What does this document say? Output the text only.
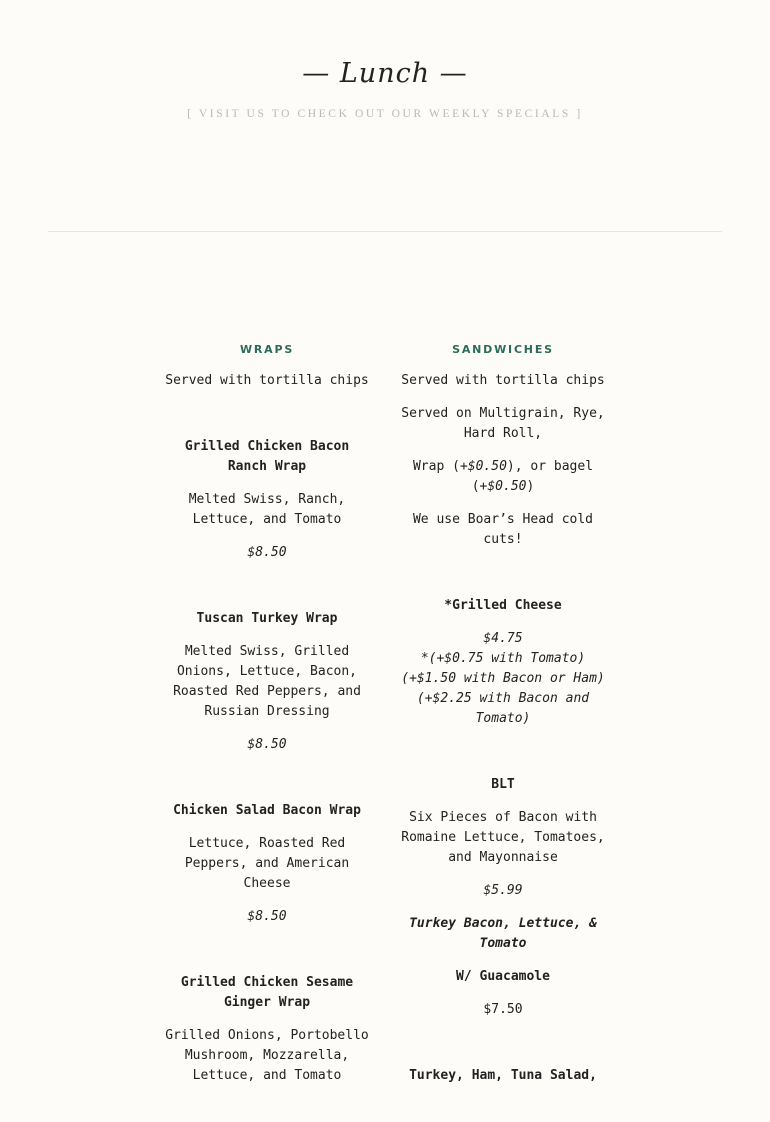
— Lunch —
[ VISIT US TO CHECK OUT OUR WEEKLY SPECIALS ]
WRAPS
Served with tortilla chips
Grilled Chicken Bacon Ranch Wrap
Melted Swiss, Ranch, Lettuce, and Tomato
$8.50
Tuscan Turkey Wrap
Melted Swiss, Grilled Onions, Lettuce, Bacon, Roasted Red Peppers, and Russian Dressing
$8.50
Chicken Salad Bacon Wrap
Lettuce, Roasted Red Peppers, and American Cheese
$8.50
Grilled Chicken Sesame Ginger Wrap
Grilled Onions, Portobello Mushroom, Mozzarella, Lettuce, and Tomato
SANDWICHES
Served with tortilla chips
Served on Multigrain, Rye, Hard Roll,
Wrap (+$0.50), or bagel (+$0.50)
We use Boar’s Head cold cuts!
*Grilled Cheese
$4.75
*(+$0.75 with Tomato)
(+$1.50 with Bacon or Ham)
(+$2.25 with Bacon and Tomato)
BLT
Six Pieces of Bacon with Romaine Lettuce, Tomatoes, and Mayonnaise
$5.99
Turkey Bacon, Lettuce, & Tomato
W/ Guacamole
$7.50
Turkey, Ham, Tuna Salad,
